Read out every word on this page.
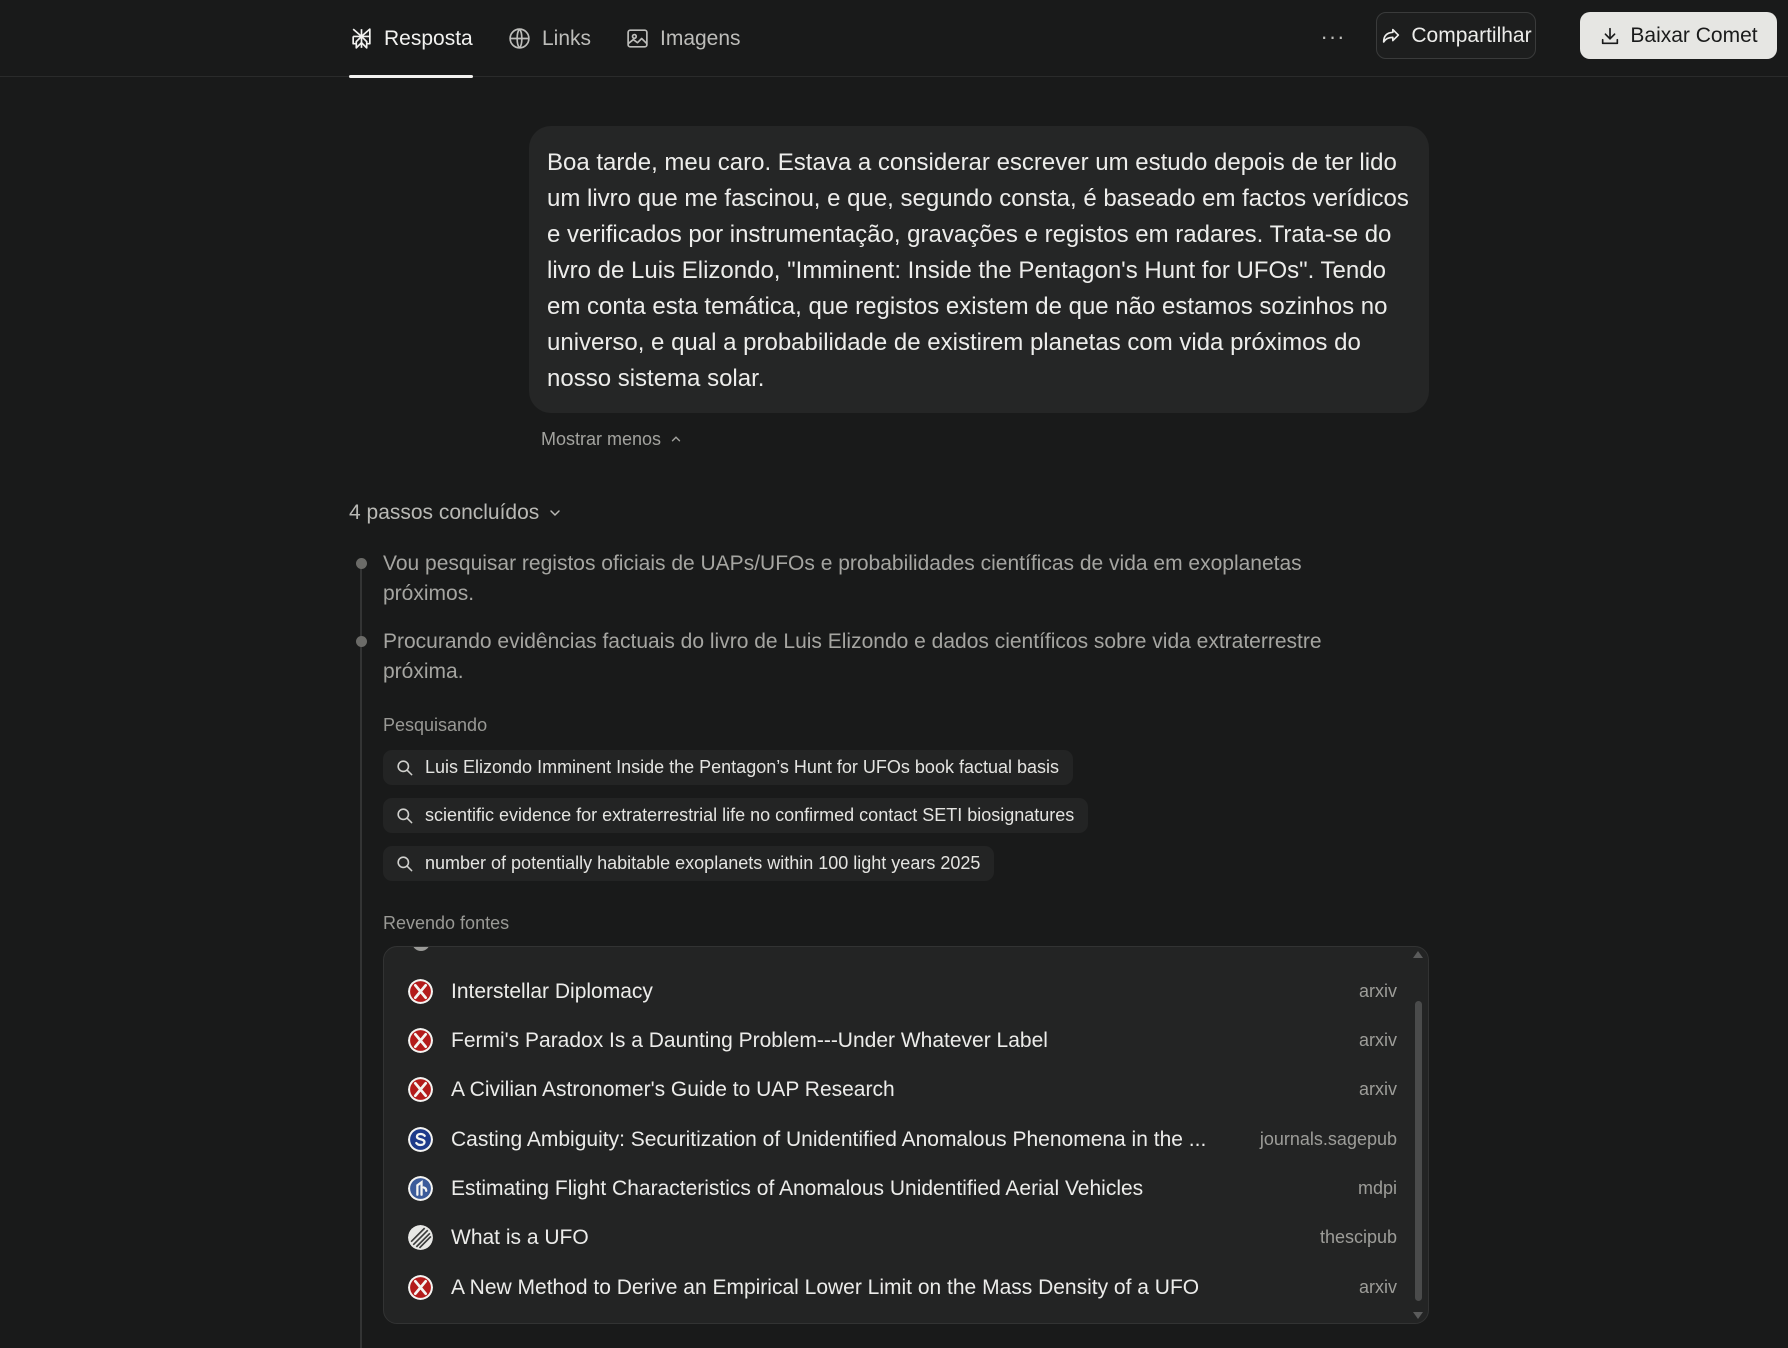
Resposta	Links	Imagens	···	Compartilhar	Baixar Comet
Boa tarde, meu caro. Estava a considerar escrever um estudo depois de ter lido um livro que me fascinou, e que, segundo consta, é baseado em factos verídicos e verificados por instrumentação, gravações e registos em radares. Trata-se do livro de Luis Elizondo, "Imminent: Inside the Pentagon's Hunt for UFOs". Tendo em conta esta temática, que registos existem de que não estamos sozinhos no universo, e qual a probabilidade de existirem planetas com vida próximos do nosso sistema solar.
Mostrar menos
4 passos concluídos
Vou pesquisar registos oficiais de UAPs/UFOs e probabilidades científicas de vida em exoplanetas próximos.
Procurando evidências factuais do livro de Luis Elizondo e dados científicos sobre vida extraterrestre próxima.
Pesquisando
Luis Elizondo Imminent Inside the Pentagon’s Hunt for UFOs book factual basis
scientific evidence for extraterrestrial life no confirmed contact SETI biosignatures
number of potentially habitable exoplanets within 100 light years 2025
Revendo fontes
Interstellar Diplomacy	arxiv
Fermi's Paradox Is a Daunting Problem---Under Whatever Label	arxiv
A Civilian Astronomer's Guide to UAP Research	arxiv
Casting Ambiguity: Securitization of Unidentified Anomalous Phenomena in the ...	journals.sagepub
Estimating Flight Characteristics of Anomalous Unidentified Aerial Vehicles	mdpi
What is a UFO	thescipub
A New Method to Derive an Empirical Lower Limit on the Mass Density of a UFO	arxiv
